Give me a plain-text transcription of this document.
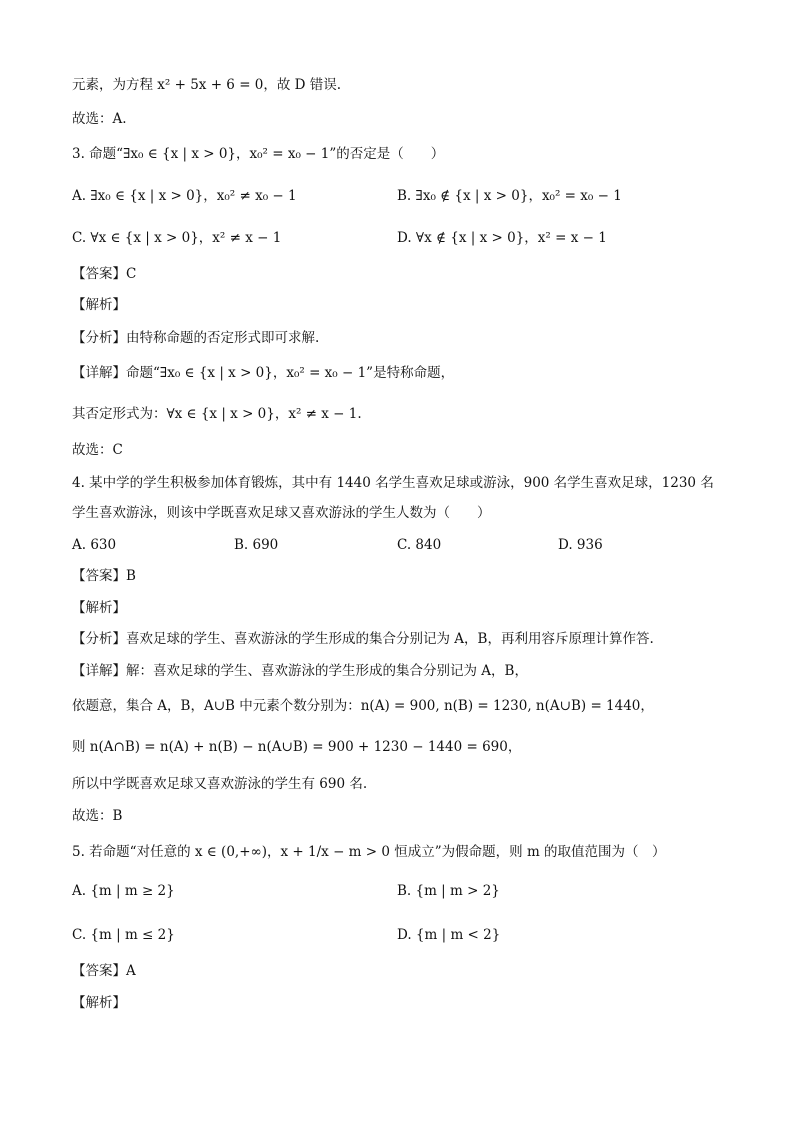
元素，为方程 x² + 5x + 6 = 0，故 D 错误.
故选：A.
3. 命题“∃x₀ ∈ {x | x > 0}，x₀² = x₀ − 1”的否定是（　　）
A. ∃x₀ ∈ {x | x > 0}，x₀² ≠ x₀ − 1	B. ∃x₀ ∉ {x | x > 0}，x₀² = x₀ − 1
C. ∀x ∈ {x | x > 0}，x² ≠ x − 1	D. ∀x ∉ {x | x > 0}，x² = x − 1
【答案】C
【解析】
【分析】由特称命题的否定形式即可求解.
【详解】命题“∃x₀ ∈ {x | x > 0}，x₀² = x₀ − 1”是特称命题，
其否定形式为：∀x ∈ {x | x > 0}，x² ≠ x − 1.
故选：C
4. 某中学的学生积极参加体育锻炼，其中有 1440 名学生喜欢足球或游泳，900 名学生喜欢足球，1230 名
学生喜欢游泳，则该中学既喜欢足球又喜欢游泳的学生人数为（　　）
A. 630	B. 690	C. 840	D. 936
【答案】B
【解析】
【分析】喜欢足球的学生、喜欢游泳的学生形成的集合分别记为 A，B，再利用容斥原理计算作答.
【详解】解：喜欢足球的学生、喜欢游泳的学生形成的集合分别记为 A，B，
依题意，集合 A，B，A∪B 中元素个数分别为：n(A) = 900, n(B) = 1230, n(A∪B) = 1440，
则 n(A∩B) = n(A) + n(B) − n(A∪B) = 900 + 1230 − 1440 = 690，
所以中学既喜欢足球又喜欢游泳的学生有 690 名.
故选：B
5. 若命题“对任意的 x ∈ (0,+∞)，x + 1/x − m > 0 恒成立”为假命题，则 m 的取值范围为（　）
A. {m | m ≥ 2}	B. {m | m > 2}
C. {m | m ≤ 2}	D. {m | m < 2}
【答案】A
【解析】
